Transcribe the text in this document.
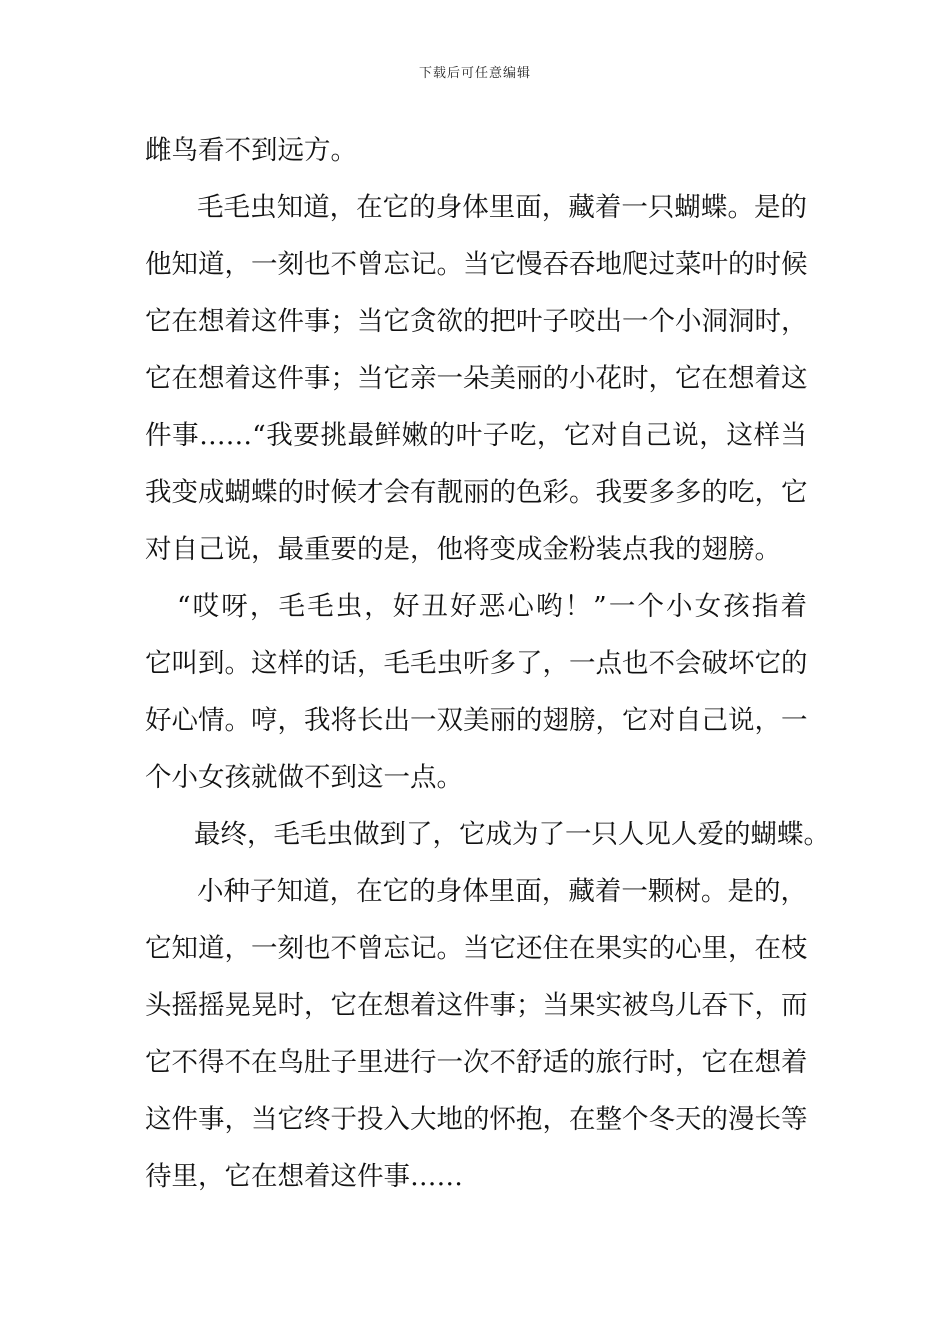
下载后可任意编辑
雌鸟看不到远方。
毛毛虫知道，在它的身体里面，藏着一只蝴蝶。是的
他知道，一刻也不曾忘记。当它慢吞吞地爬过菜叶的时候
它在想着这件事；当它贪欲的把叶子咬出一个小洞洞时，
它在想着这件事；当它亲一朵美丽的小花时，它在想着这
件事……“我要挑最鲜嫩的叶子吃，它对自己说，这样当
我变成蝴蝶的时候才会有靓丽的色彩。我要多多的吃，它
对自己说，最重要的是，他将变成金粉装点我的翅膀。
“哎呀，毛毛虫，好丑好恶心哟！”一个小女孩指着
它叫到。这样的话，毛毛虫听多了，一点也不会破坏它的
好心情。哼，我将长出一双美丽的翅膀，它对自己说，一
个小女孩就做不到这一点。
最终，毛毛虫做到了，它成为了一只人见人爱的蝴蝶。
小种子知道，在它的身体里面，藏着一颗树。是的，
它知道，一刻也不曾忘记。当它还住在果实的心里，在枝
头摇摇晃晃时，它在想着这件事；当果实被鸟儿吞下，而
它不得不在鸟肚子里进行一次不舒适的旅行时，它在想着
这件事，当它终于投入大地的怀抱，在整个冬天的漫长等
待里，它在想着这件事……
